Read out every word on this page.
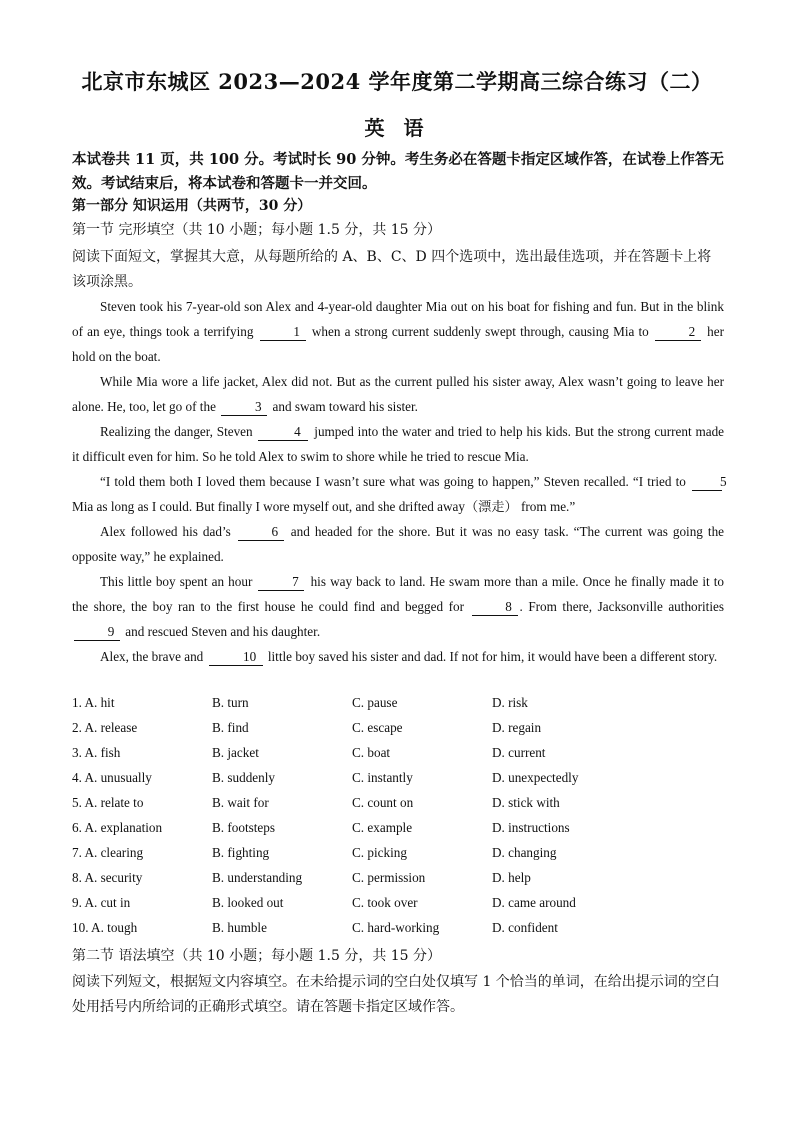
北京市东城区 2023—2024 学年度第二学期高三综合练习（二）
英 语
本试卷共 11 页，共 100 分。考试时长 90 分钟。考生务必在答题卡指定区域作答，在试卷上作答无效。考试结束后，将本试卷和答题卡一并交回。
第一部分 知识运用（共两节，30 分）
第一节 完形填空（共 10 小题；每小题 1.5 分，共 15 分）
阅读下面短文，掌握其大意，从每题所给的 A、B、C、D 四个选项中，选出最佳选项，并在答题卡上将该项涂黑。

Steven took his 7-year-old son Alex and 4-year-old daughter Mia out on his boat for fishing and fun. But in the blink of an eye, things took a terrifying	1 when a strong current suddenly swept through, causing Mia to	2 her hold on the boat.

While Mia wore a life jacket, Alex did not. But as the current pulled his sister away, Alex wasn’t going to leave her alone. He, too, let go of the	3 and swam toward his sister.

Realizing the danger, Steven	4 jumped into the water and tried to help his kids. But the strong current made it difficult even for him. So he told Alex to swim to shore while he tried to rescue Mia.

“I told them both I loved them because I wasn’t sure what was going to happen,” Steven recalled. “I tried to	5 Mia as long as I could. But finally I wore myself out, and she drifted away（漂走） from me.”

Alex followed his dad’s	6 and headed for the shore. But it was no easy task. “The current was going the opposite way,” he explained.

This little boy spent an hour	7 his way back to land. He swam more than a mile. Once he finally made it to the shore, the boy ran to the first house he could find and begged for	8 . From there, Jacksonville authorities 9 and rescued Steven and his daughter.

Alex, the brave and	10 little boy saved his sister and dad. If not for him, it would have been a different story.

1. A. hit	B. turn	C. pause	D. risk
2. A. release	B. find	C. escape	D. regain
3. A. fish	B. jacket	C. boat	D. current
4. A. unusually	B. suddenly	C. instantly	D. unexpectedly
5. A. relate to	B. wait for	C. count on	D. stick with
6. A. explanation	B. footsteps	C. example	D. instructions
7. A. clearing	B. fighting	C. picking	D. changing
8. A. security	B. understanding	C. permission	D. help
9. A. cut in	B. looked out	C. took over	D. came around
10. A. tough	B. humble	C. hard-working	D. confident
第二节 语法填空（共 10 小题；每小题 1.5 分，共 15 分）
阅读下列短文，根据短文内容填空。在未给提示词的空白处仅填写 1 个恰当的单词，在给出提示词的空白处用括号内所给词的正确形式填空。请在答题卡指定区域作答。
